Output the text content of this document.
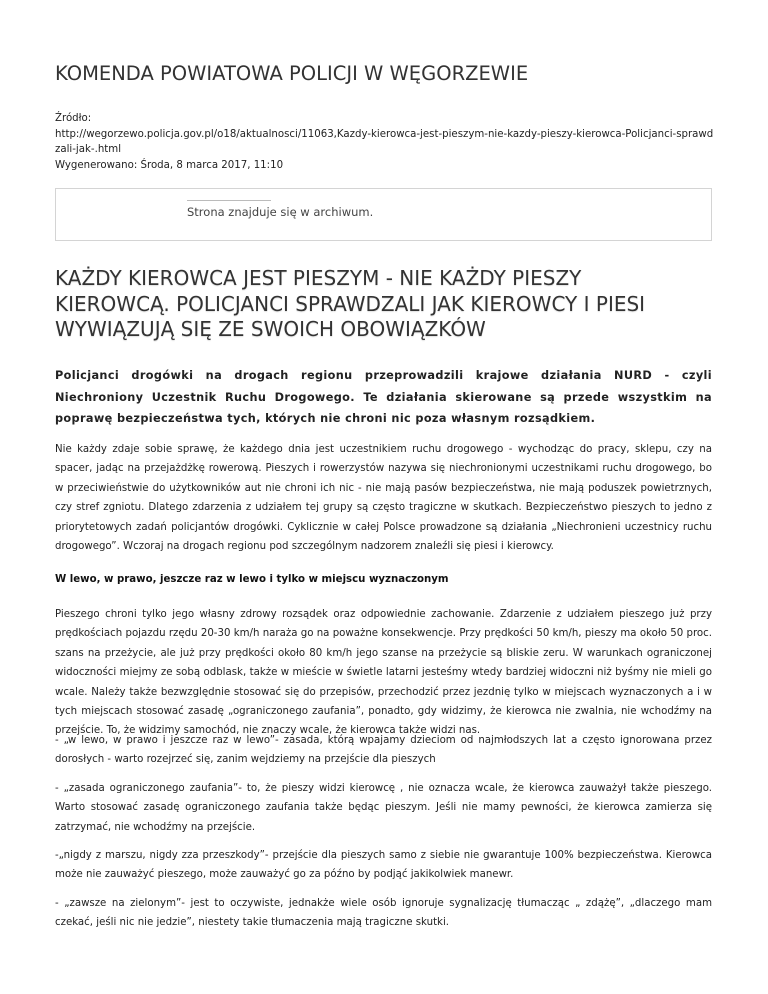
KOMENDA POWIATOWA POLICJI W WĘGORZEWIE
Źródło:
http://wegorzewo.policja.gov.pl/o18/aktualnosci/11063,Kazdy-kierowca-jest-pieszym-nie-kazdy-pieszy-kierowca-Policjanci-sprawdzali-jak-.html
Wygenerowano: Środa, 8 marca 2017, 11:10
Strona znajduje się w archiwum.
KAŻDY KIEROWCA JEST PIESZYM - NIE KAŻDY PIESZY KIEROWCĄ. POLICJANCI SPRAWDZALI JAK KIEROWCY I PIESI WYWIĄZUJĄ SIĘ ZE SWOICH OBOWIĄZKÓW

Policjanci drogówki na drogach regionu przeprowadzili krajowe działania NURD - czyli Niechroniony Uczestnik Ruchu Drogowego. Te działania skierowane są przede wszystkim na poprawę bezpieczeństwa tych, których nie chroni nic poza własnym rozsądkiem.

Nie każdy zdaje sobie sprawę, że każdego dnia jest uczestnikiem ruchu drogowego - wychodząc do pracy, sklepu, czy na spacer, jadąc na przejażdżkę rowerową. Pieszych i rowerzystów nazywa się niechronionymi uczestnikami ruchu drogowego, bo w przeciwieństwie do użytkowników aut nie chroni ich nic - nie mają pasów bezpieczeństwa, nie mają poduszek powietrznych, czy stref zgniotu. Dlatego zdarzenia z udziałem tej grupy są często tragiczne w skutkach. Bezpieczeństwo pieszych to jedno z priorytetowych zadań policjantów drogówki. Cyklicznie w całej Polsce prowadzone są działania „Niechronieni uczestnicy ruchu drogowego”. Wczoraj na drogach regionu pod szczególnym nadzorem znaleźli się piesi i kierowcy.

W lewo, w prawo, jeszcze raz w lewo i tylko w miejscu wyznaczonym

Pieszego chroni tylko jego własny zdrowy rozsądek oraz odpowiednie zachowanie. Zdarzenie z udziałem pieszego już przy prędkościach pojazdu rzędu 20-30 km/h naraża go na poważne konsekwencje. Przy prędkości 50 km/h, pieszy ma około 50 proc. szans na przeżycie, ale już przy prędkości około 80 km/h jego szanse na przeżycie są bliskie zeru. W warunkach ograniczonej widoczności miejmy ze sobą odblask, także w mieście w świetle latarni jesteśmy wtedy bardziej widoczni niż byśmy nie mieli go wcale. Należy także bezwzględnie stosować się do przepisów, przechodzić przez jezdnię tylko w miejscach wyznaczonych a i w tych miejscach stosować zasadę „ograniczonego zaufania”, ponadto, gdy widzimy, że kierowca nie zwalnia, nie wchodźmy na przejście. To, że widzimy samochód, nie znaczy wcale, że kierowca także widzi nas.

- „w lewo, w prawo i jeszcze raz w lewo”- zasada, którą wpajamy dzieciom od najmłodszych lat a często ignorowana przez dorosłych - warto rozejrzeć się, zanim wejdziemy na przejście dla pieszych

- „zasada ograniczonego zaufania”- to, że pieszy widzi kierowcę , nie oznacza wcale, że kierowca zauważył także pieszego. Warto stosować zasadę ograniczonego zaufania także będąc pieszym. Jeśli nie mamy pewności, że kierowca zamierza się zatrzymać, nie wchodźmy na przejście.

-„nigdy z marszu, nigdy zza przeszkody”- przejście dla pieszych samo z siebie nie gwarantuje 100% bezpieczeństwa. Kierowca może nie zauważyć pieszego, może zauważyć go za późno by podjąć jakikolwiek manewr.

- „zawsze na zielonym”- jest to oczywiste, jednakże wiele osób ignoruje sygnalizację tłumacząc „ zdążę”, „dlaczego mam czekać, jeśli nic nie jedzie”, niestety takie tłumaczenia mają tragiczne skutki.
